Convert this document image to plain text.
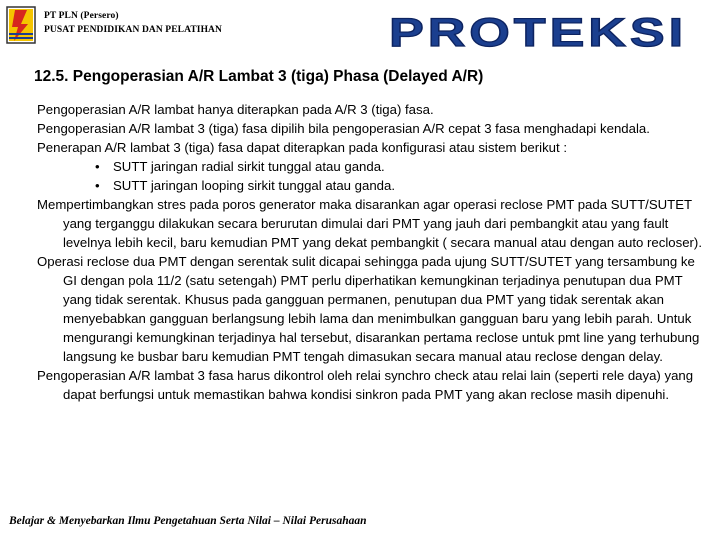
PT PLN (Persero)
PUSAT PENDIDIKAN DAN PELATIHAN	PROTEKSI
12.5. Pengoperasian A/R Lambat 3 (tiga) Phasa (Delayed A/R)

Pengoperasian A/R lambat hanya diterapkan pada A/R 3 (tiga) fasa.

Pengoperasian A/R lambat 3 (tiga) fasa dipilih bila pengoperasian A/R cepat 3 fasa menghadapi kendala.

Penerapan A/R lambat 3 (tiga) fasa dapat diterapkan pada konfigurasi atau sistem berikut :

• SUTT jaringan radial sirkit tunggal atau ganda.

• SUTT jaringan looping sirkit tunggal atau ganda.

Mempertimbangkan stres pada poros generator maka disarankan agar operasi reclose PMT pada SUTT/SUTET yang terganggu dilakukan secara berurutan dimulai dari PMT yang jauh dari pembangkit atau yang fault levelnya lebih kecil, baru kemudian PMT yang dekat pembangkit ( secara manual atau dengan auto recloser).

Operasi reclose dua PMT dengan serentak sulit dicapai sehingga pada ujung SUTT/SUTET yang tersambung ke GI dengan pola 11/2 (satu setengah) PMT perlu diperhatikan kemungkinan terjadinya penutupan dua PMT yang tidak serentak. Khusus pada gangguan permanen, penutupan dua PMT yang tidak serentak akan menyebabkan gangguan berlangsung lebih lama dan menimbulkan gangguan baru yang lebih parah. Untuk mengurangi kemungkinan terjadinya hal tersebut, disarankan pertama reclose untuk pmt line yang terhubung langsung ke busbar baru kemudian PMT tengah dimasukan secara manual atau reclose dengan delay.

Pengoperasian A/R lambat 3 fasa harus dikontrol oleh relai synchro check atau relai lain (seperti rele daya) yang dapat berfungsi untuk memastikan bahwa kondisi sinkron pada PMT yang akan reclose masih dipenuhi.

Belajar & Menyebarkan Ilmu Pengetahuan Serta Nilai – Nilai Perusahaan
